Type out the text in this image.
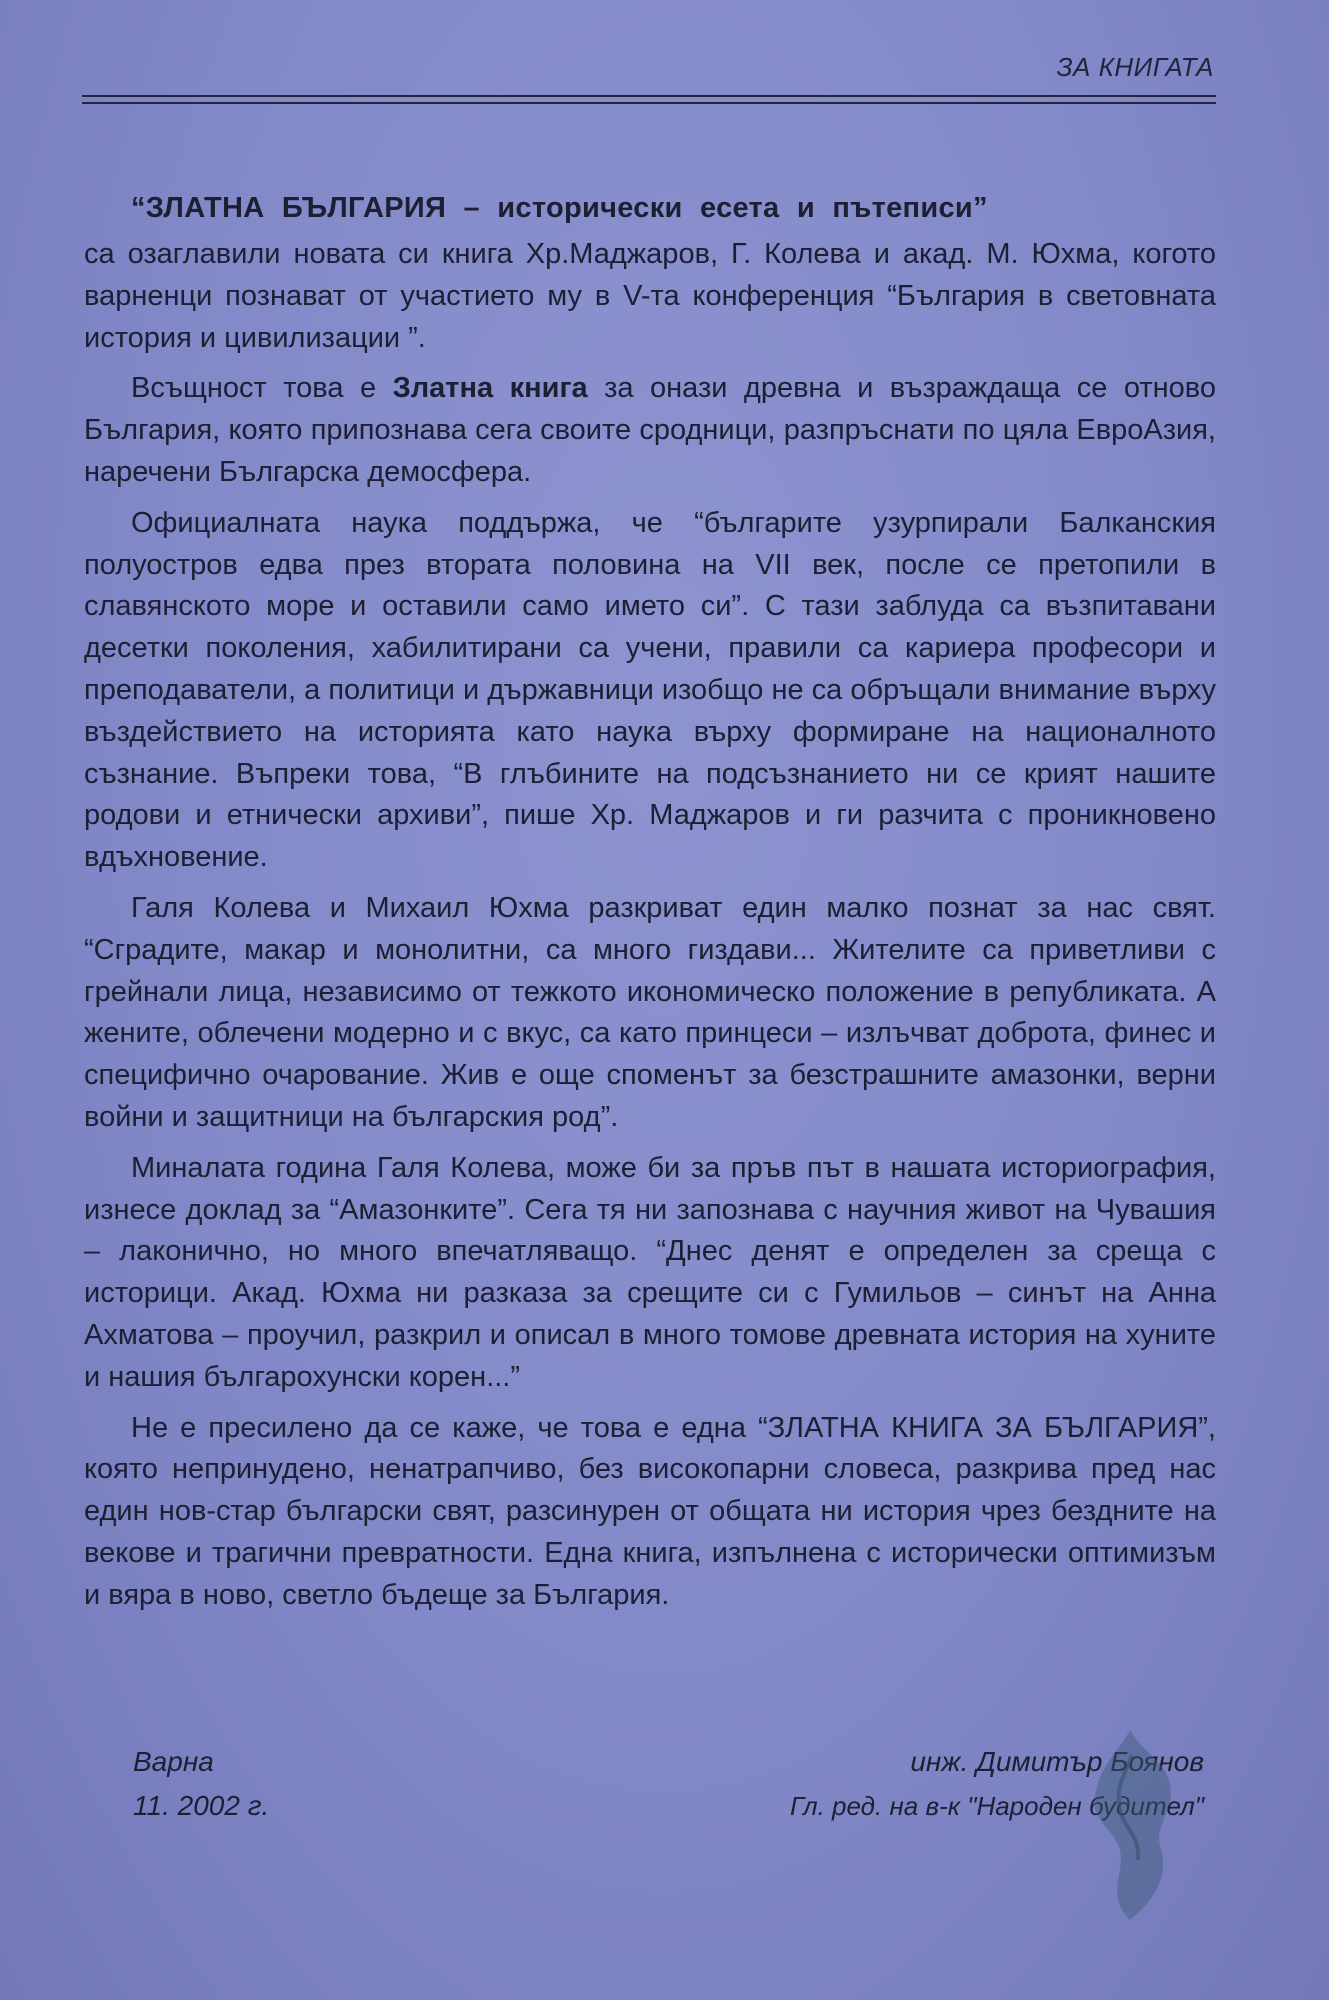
ЗА КНИГАТА
“ЗЛАТНА БЪЛГАРИЯ – исторически есета и пътеписи”

са озаглавили новата си книга Хр.Маджаров, Г. Колева и акад. М. Юхма, когото варненци познават от участието му в V-та конференция “България в световната история и цивилизации ”.

Всъщност това е Златна книга за онази древна и възраждаща се отново България, която припознава сега своите сродници, разпръснати по цяла ЕвроАзия, наречени Българска демосфера.

Официалната наука поддържа, че “българите узурпирали Балканския полуостров едва през втората половина на VII век, после се претопили в славянското море и оставили само името си”. С тази заблуда са възпитавани десетки поколения, хабилитирани са учени, правили са кариера професори и преподаватели, а политици и държавници изобщо не са обръщали внимание върху въздействието на историята като наука върху формиране на националното съзнание. Въпреки това, “В глъбините на подсъзнанието ни се крият нашите родови и етнически архиви”, пише Хр. Маджаров и ги разчита с проникновено вдъхновение.

Галя Колева и Михаил Юхма разкриват един малко познат за нас свят. “Сградите, макар и монолитни, са много гиздави... Жителите са приветливи с грейнали лица, независимо от тежкото икономическо положение в републиката. А жените, облечени модерно и с вкус, са като принцеси – излъчват доброта, финес и специфично очарование. Жив е още споменът за безстрашните амазонки, верни войни и защитници на българския род”.

Миналата година Галя Колева, може би за пръв път в нашата историография, изнесе доклад за “Амазонките”. Сега тя ни запознава с научния живот на Чувашия – лаконично, но много впечатляващо. “Днес денят е определен за среща с историци. Акад. Юхма ни разказа за срещите си с Гумильов – синът на Анна Ахматова – проучил, разкрил и описал в много томове древната история на хуните и нашия българохунски корен...”

Не е пресилено да се каже, че това е една “ЗЛАТНА КНИГА ЗА БЪЛГАРИЯ”, която непринудено, ненатрапчиво, без високопарни словеса, разкрива пред нас един нов-стар български свят, разсинурен от общата ни история чрез бездните на векове и трагични превратности. Една книга, изпълнена с исторически оптимизъм и вяра в ново, светло бъдеще за България.

Варна
11. 2002 г.
инж. Димитър Боянов
Гл. ред. на в-к "Народен будител"
